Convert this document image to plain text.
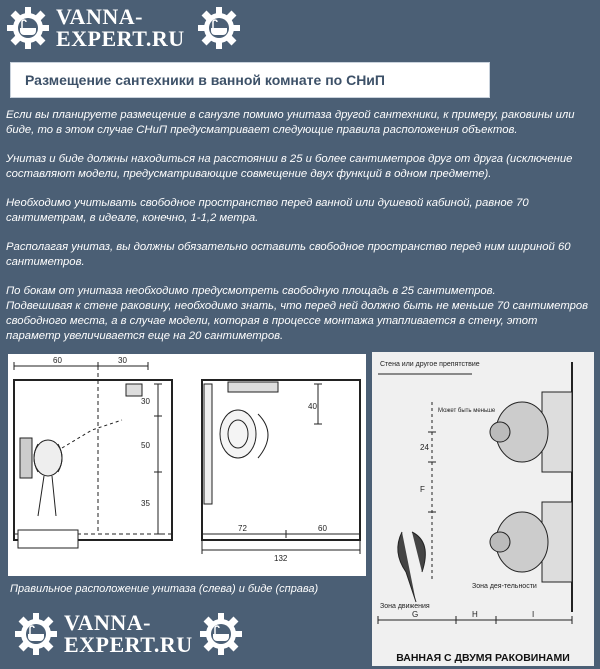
VANNA-
EXPERT.RU
Размещение сантехники в ванной комнате по СНиП

Если вы планируете размещение в санузле помимо унитаза другой сантехники, к примеру, раковины или биде, то в этом случае СНиП предусматривает следующие правила расположения объектов.

Унитаз и биде должны находиться на расстоянии в 25 и более сантиметров друг от друга (исключение составляют модели, предусматривающие совмещение двух функций в одном предмете).

Необходимо учитывать свободное пространство перед ванной или душевой кабиной, равное 70 сантиметрам, в идеале, конечно, 1-1,2 метра.

Располагая унитаз, вы должны обязательно оставить свободное пространство перед ним шириной 60 сантиметров.

По бокам от унитаза необходимо предусмотреть свободную площадь в 25 сантиметров.

Подвешивая к стене раковину, необходимо знать, что перед ней должно быть не меньше 70 сантиметров свободного места, а в случае модели, которая в процессе монтажа утапливается в стену, этот параметр увеличивается еще на 20 сантиметров.

60	30
30
50
35
40
72	60
132
Правильное расположение унитаза (слева) и биде (справа)
Стена или другое препятствие
24
F
Может быть меньше
Зона движения
Зона дея-тельности
G	H	I
ВАННАЯ С ДВУМЯ РАКОВИНАМИ
VANNA-
EXPERT.RU
